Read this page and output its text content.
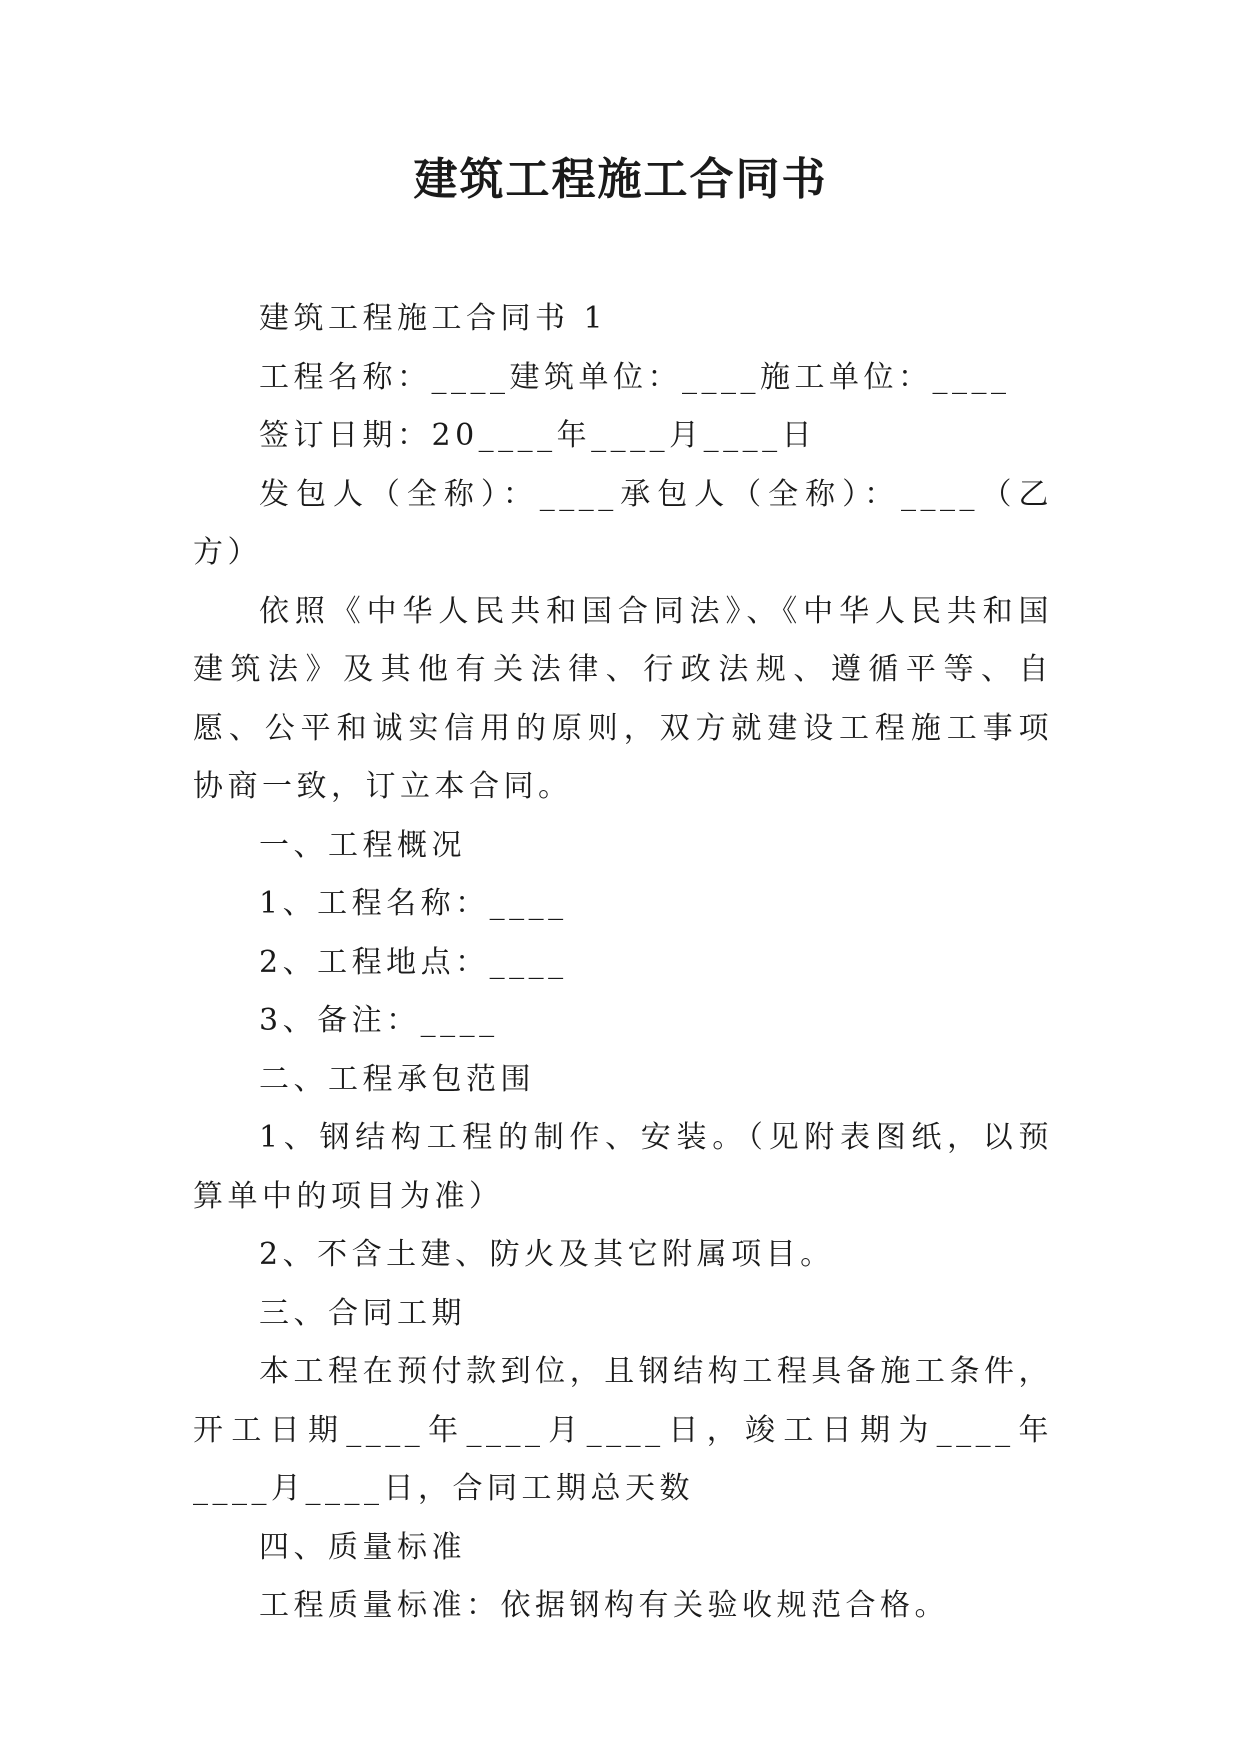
建筑工程施工合同书

建筑工程施工合同书 1

工程名称：____建筑单位：____施工单位：____

签订日期：20____年____月____日

发包人（全称）：____承包人（全称）：____（乙方）

依照《中华人民共和国合同法》、《中华人民共和国建筑法》及其他有关法律、行政法规、遵循平等、自愿、公平和诚实信用的原则，双方就建设工程施工事项协商一致，订立本合同。

一、工程概况

1、工程名称：____

2、工程地点：____

3、备注：____

二、工程承包范围

1、钢结构工程的制作、安装。（见附表图纸，以预算单中的项目为准）

2、不含土建、防火及其它附属项目。

三、合同工期

本工程在预付款到位，且钢结构工程具备施工条件，开工日期____年____月____日，竣工日期为____年____月____日，合同工期总天数

四、质量标准

工程质量标准：依据钢构有关验收规范合格。
